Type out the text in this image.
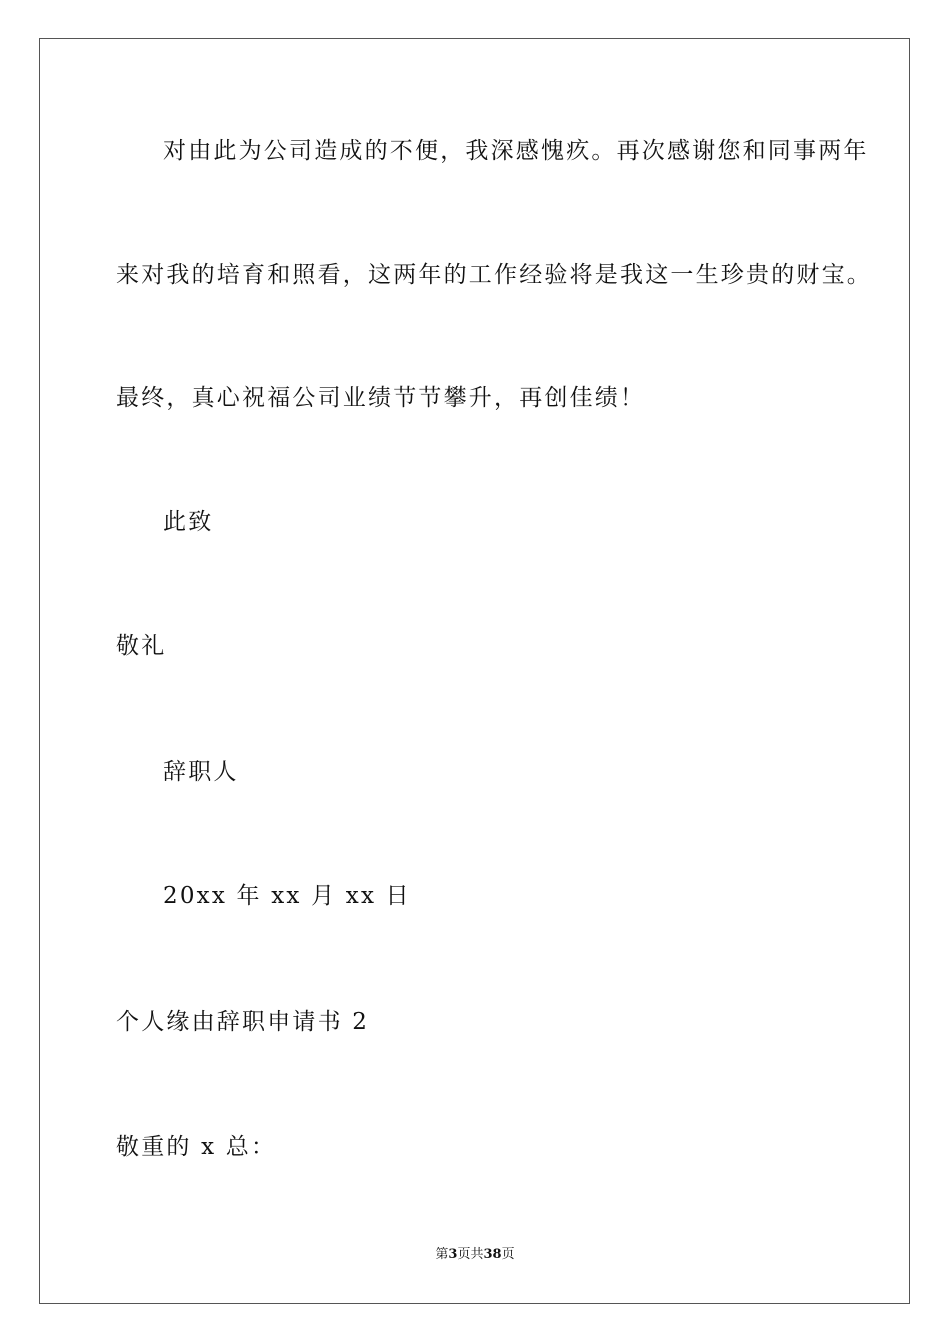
对由此为公司造成的不便，我深感愧疚。再次感谢您和同事两年
来对我的培育和照看，这两年的工作经验将是我这一生珍贵的财宝。
最终，真心祝福公司业绩节节攀升，再创佳绩！
此致
敬礼
辞职人
20xx 年 xx 月 xx 日
个人缘由辞职申请书 2
敬重的 x 总：
第3页共38页
